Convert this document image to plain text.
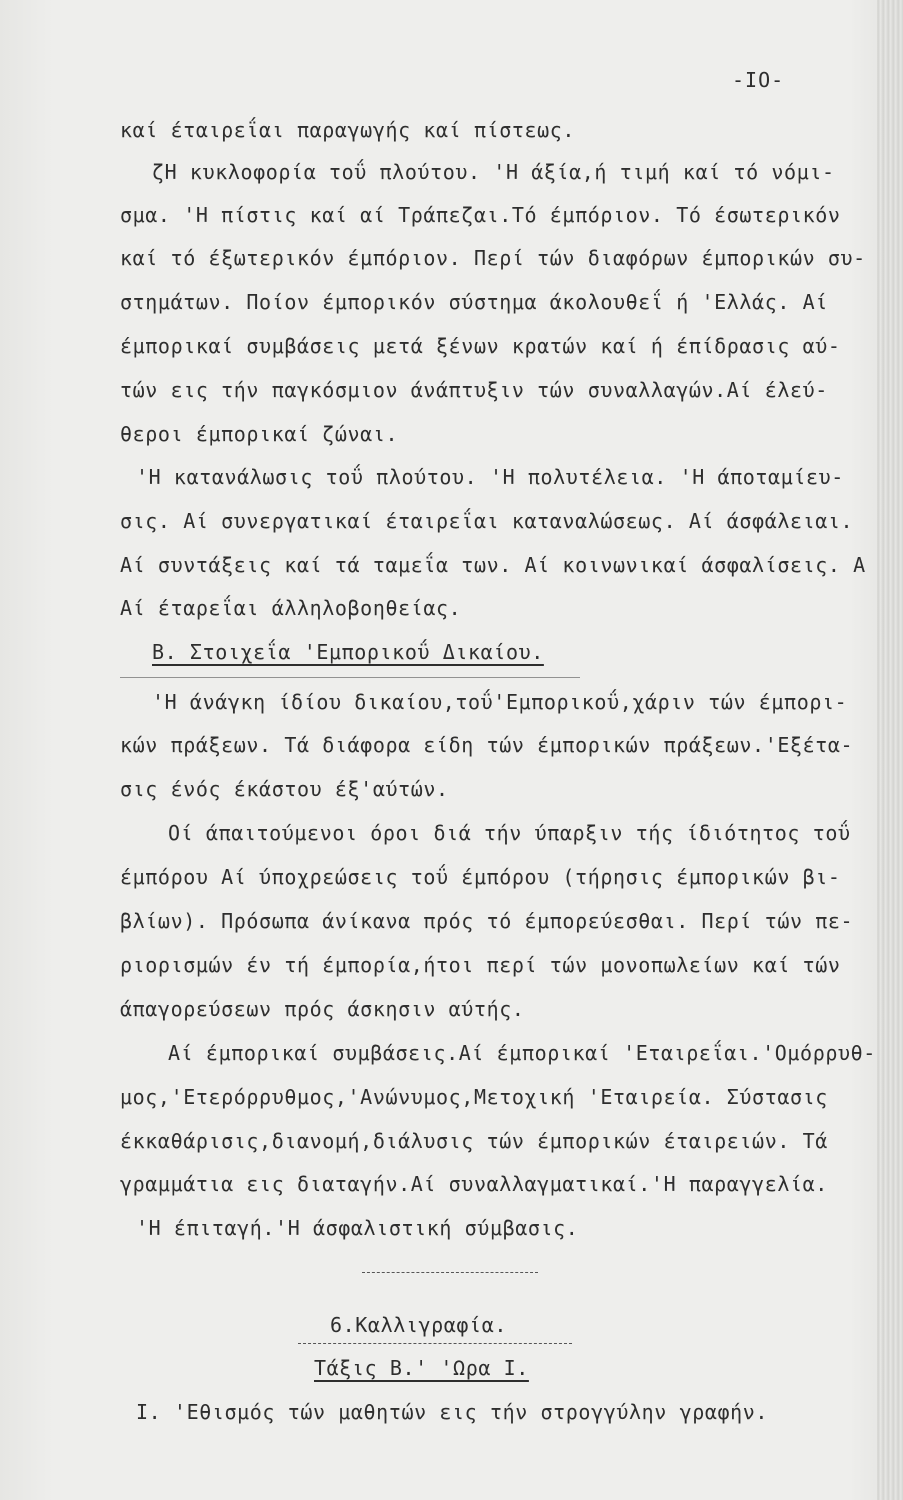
-IO-
καί έταιρεΐαι παραγωγής καί πίστεως.
ζΗ κυκλοφορία τοΰ πλούτου. 'Η άξία,ή τιμή καί τό νόμι-
σμα. 'Η πίστις καί αί Τράπεζαι.Τό έμπόριον. Τό έσωτερικόν
καί τό έξωτερικόν έμπόριον. Περί τών διαφόρων έμπορικών συ-
στημάτων. Ποίον έμπορικόν σύστημα άκολουθεΐ ή 'Ελλάς. Αί
έμπορικαί συμβάσεις μετά ξένων κρατών καί ή έπίδρασις αύ-
τών εις τήν παγκόσμιον άνάπτυξιν τών συναλλαγών.Αί έλεύ-
θεροι έμπορικαί ζώναι.
'Η κατανάλωσις τοΰ πλούτου. 'Η πολυτέλεια. 'Η άποταμίευ-
σις. Αί συνεργατικαί έταιρεΐαι καταναλώσεως. Αί άσφάλειαι.
Αί συντάξεις καί τά ταμεΐα των. Αί κοινωνικαί άσφαλίσεις. Α
Αί έταρεΐαι άλληλοβοηθείας.
Β. Στοιχεΐα 'Εμπορικοΰ Δικαίου.
'Η άνάγκη ίδίου δικαίου,τοΰ'Εμπορικοΰ,χάριν τών έμπορι-
κών πράξεων. Τά διάφορα είδη τών έμπορικών πράξεων.'Εξέτα-
σις ένός έκάστου έξ'αύτών.
Οί άπαιτούμενοι όροι διά τήν ύπαρξιν τής ίδιότητος τοΰ
έμπόρου Αί ύποχρεώσεις τοΰ έμπόρου (τήρησις έμπορικών βι-
βλίων). Πρόσωπα άνίκανα πρός τό έμπορεύεσθαι. Περί τών πε-
ριορισμών έν τή έμπορία,ήτοι περί τών μονοπωλείων καί τών
άπαγορεύσεων πρός άσκησιν αύτής.
Αί έμπορικαί συμβάσεις.Αί έμπορικαί 'Εταιρεΐαι.'Ομόρρυθ-
μος,'Ετερόρρυθμος,'Ανώνυμος,Μετοχική 'Εταιρεία. Σύστασις
έκκαθάρισις,διανομή,διάλυσις τών έμπορικών έταιρειών. Τά
γραμμάτια εις διαταγήν.Αί συναλλαγματικαί.'Η παραγγελία.
'Η έπιταγή.'Η άσφαλιστική σύμβασις.
6.Καλλιγραφία.
Τάξις Β.' 'Ωρα Ι.
Ι. 'Εθισμός τών μαθητών εις τήν στρογγύλην γραφήν.
